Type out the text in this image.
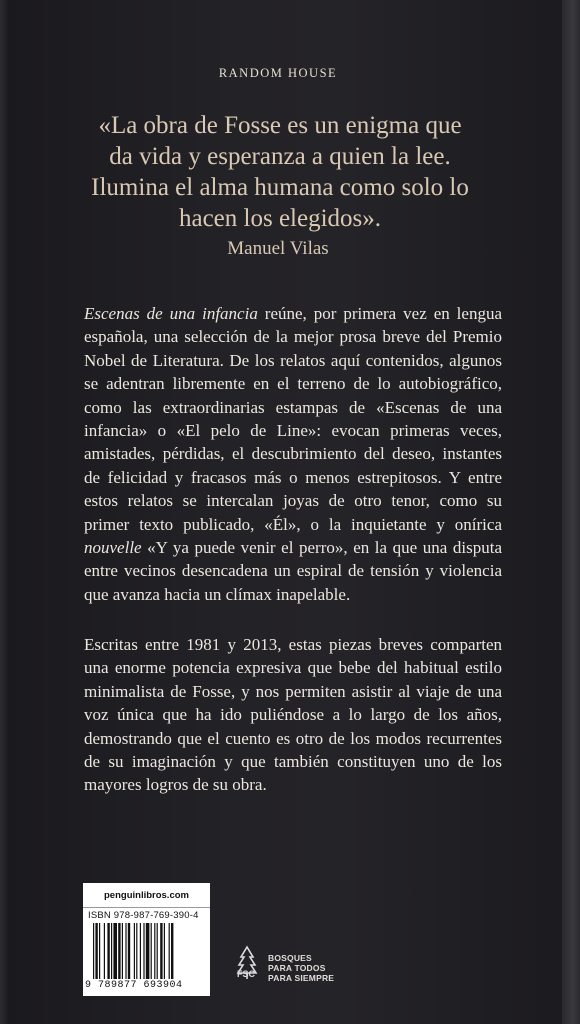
RANDOM HOUSE
«La obra de Fosse es un enigma que
da vida y esperanza a quien la lee.
Ilumina el alma humana como solo lo
hacen los elegidos».
Manuel Vilas
Escenas de una infancia reúne, por primera vez en lengua española, una selección de la mejor prosa breve del Premio Nobel de Literatura. De los relatos aquí contenidos, algunos se adentran libremente en el terreno de lo autobiográfico, como las extraordinarias estampas de «Escenas de una infancia» o «El pelo de Line»: evocan primeras veces, amistades, pérdidas, el descubrimiento del deseo, instantes de felicidad y fracasos más o menos estrepitosos. Y entre estos relatos se intercalan joyas de otro tenor, como su primer texto publicado, «Él», o la inquietante y onírica nouvelle «Y ya puede venir el perro», en la que una disputa entre vecinos desencadena un espiral de tensión y violencia que avanza hacia un clímax inapelable.
Escritas entre 1981 y 2013, estas piezas breves comparten una enorme potencia expresiva que bebe del habitual estilo minimalista de Fosse, y nos permiten asistir al viaje de una voz única que ha ido puliéndose a lo largo de los años, demostrando que el cuento es otro de los modos recurrentes de su imaginación y que también constituyen uno de los mayores logros de su obra.
penguinlibros.com
ISBN 978-987-769-390-4
9 789877 693904
FSC
BOSQUES
PARA TODOS
PARA SIEMPRE
